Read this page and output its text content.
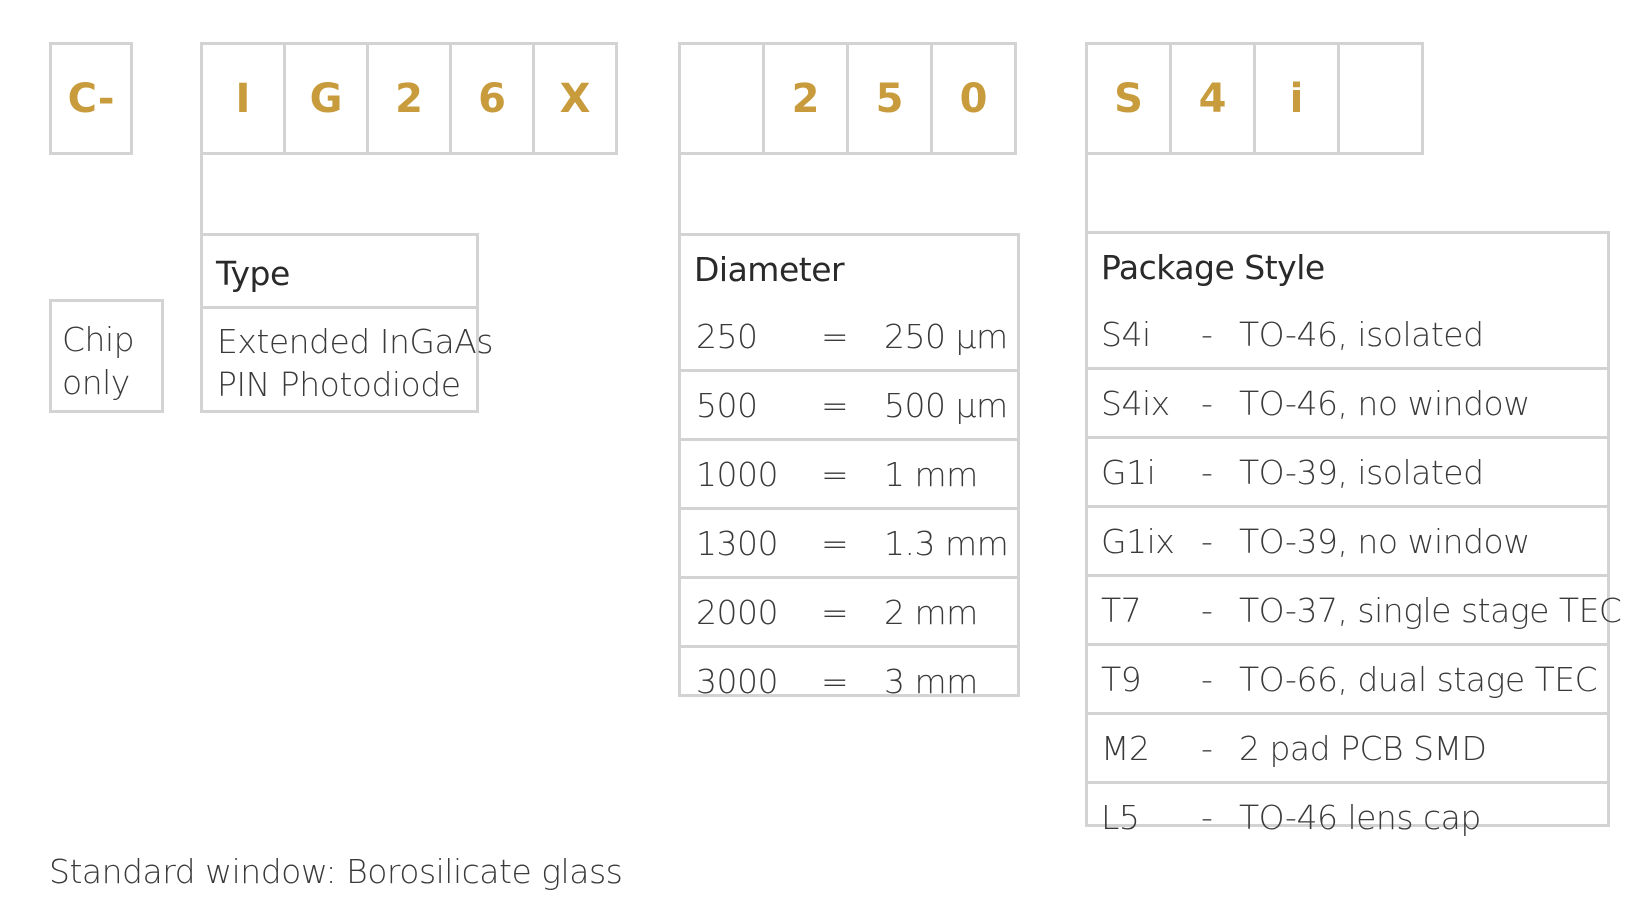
C-	I G 2 6 X	2 5 0	S 4 i
Chip
only
Type
Extended InGaAs
PIN Photodiode
Diameter
250 = 250 µm
500 = 500 µm
1000 = 1 mm
1300 = 1.3 mm
2000 = 2 mm
3000 = 3 mm
Package Style
S4i - TO-46, isolated
S4ix - TO-46, no window
G1i - TO-39, isolated
G1ix - TO-39, no window
T7 - TO-37, single stage TEC
T9 - TO-66, dual stage TEC
M2 - 2 pad PCB SMD
L5 - TO-46 lens cap
Standard window: Borosilicate glass
